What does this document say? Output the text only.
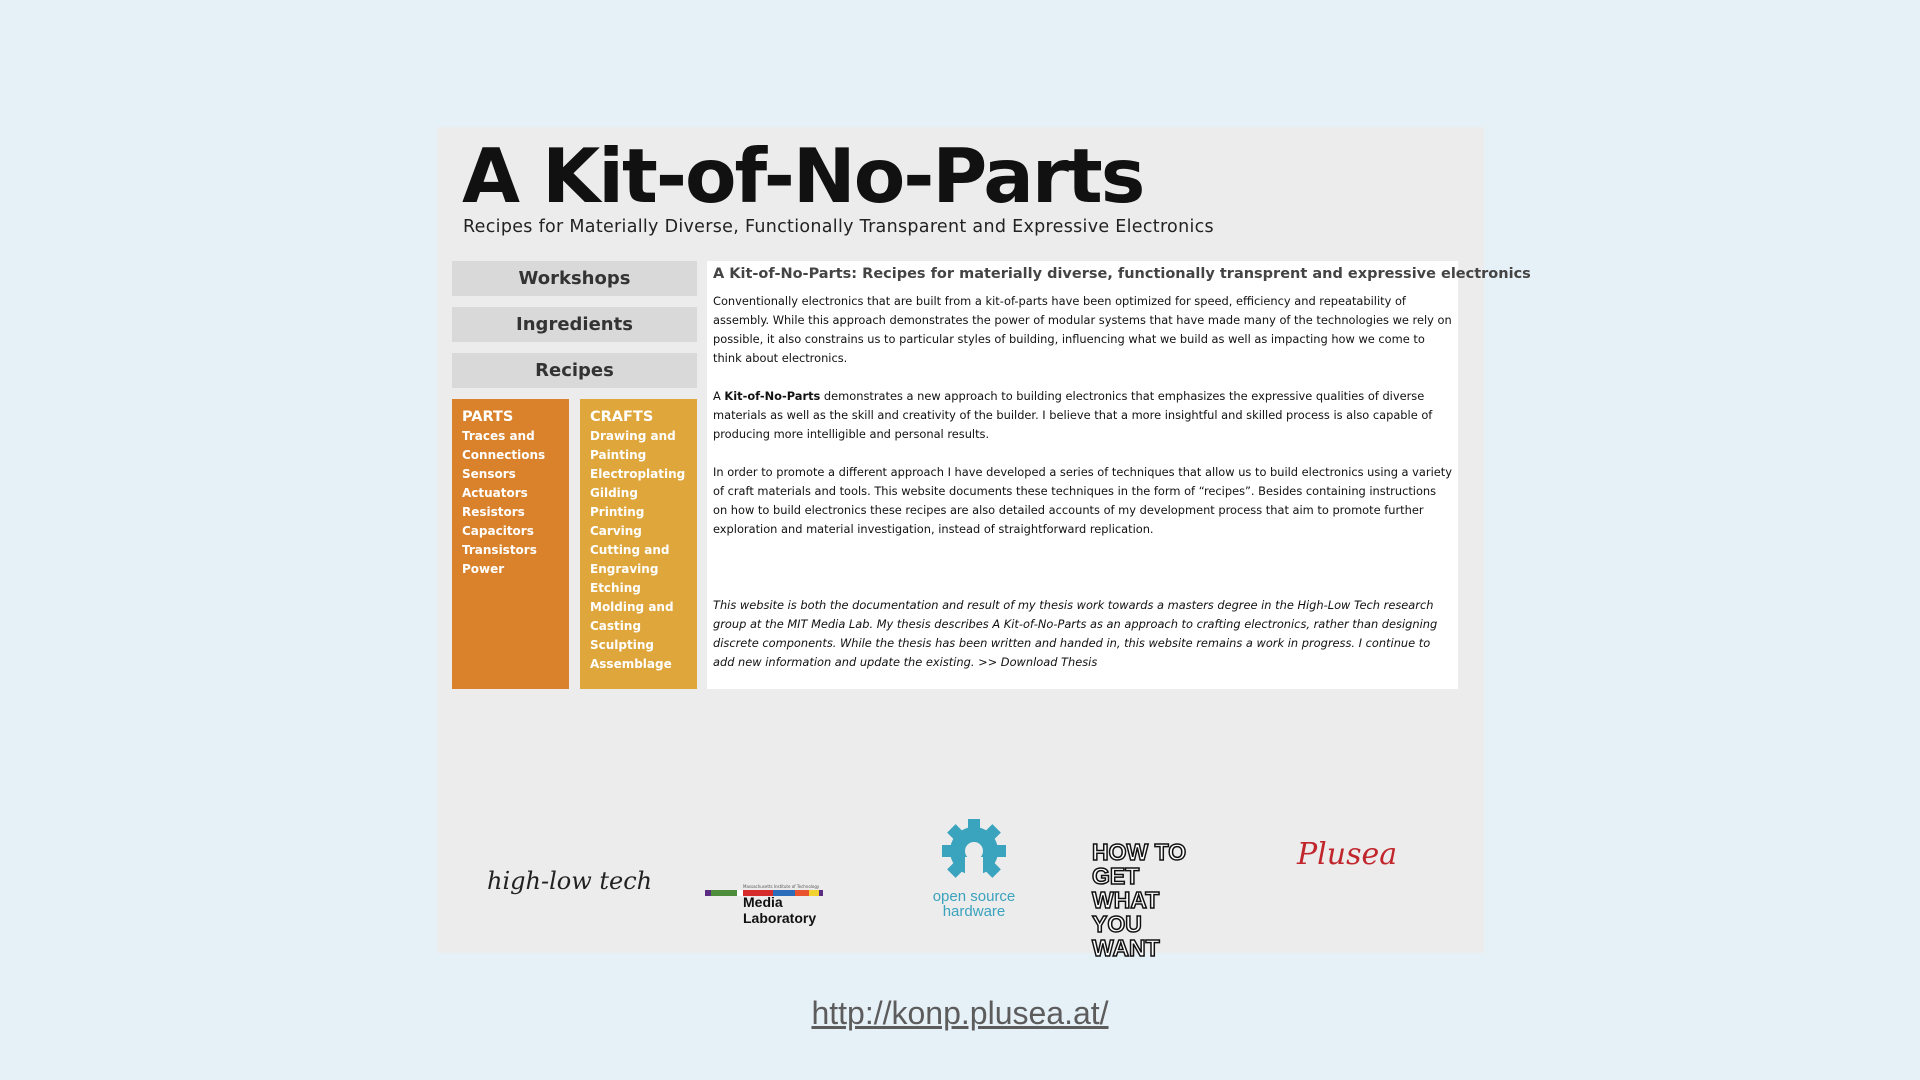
A Kit-of-No-Parts
Recipes for Materially Diverse, Functionally Transparent and Expressive Electronics
Workshops
Ingredients
Recipes
PARTS
Traces and Connections
Sensors
Actuators
Resistors
Capacitors
Transistors
Power
CRAFTS
Drawing and Painting
Electroplating
Gilding
Printing
Carving
Cutting and Engraving
Etching
Molding and Casting
Sculpting
Assemblage
A Kit-of-No-Parts: Recipes for materially diverse, functionally transprent and expressive electronics

Conventionally electronics that are built from a kit-of-parts have been optimized for speed, efficiency and repeatability of assembly. While this approach demonstrates the power of modular systems that have made many of the technologies we rely on possible, it also constrains us to particular styles of building, influencing what we build as well as impacting how we come to think about electronics.

A Kit-of-No-Parts demonstrates a new approach to building electronics that emphasizes the expressive qualities of diverse materials as well as the skill and creativity of the builder. I believe that a more insightful and skilled process is also capable of producing more intelligible and personal results.

In order to promote a different approach I have developed a series of techniques that allow us to build electronics using a variety of craft materials and tools. This website documents these techniques in the form of “recipes”. Besides containing instructions on how to build electronics these recipes are also detailed accounts of my development process that aim to promote further exploration and material investigation, instead of straightforward replication.

This website is both the documentation and result of my thesis work towards a masters degree in the High-Low Tech research group at the MIT Media Lab. My thesis describes A Kit-of-No-Parts as an approach to crafting electronics, rather than designing discrete components. While the thesis has been written and handed in, this website remains a work in progress. I continue to add new information and update the existing. >> Download Thesis

high-low tech	Massachusetts Institute of Technology
Media Laboratory
open source
hardware
HOW TO
GET WHAT
YOU WANT
Plusea
http://konp.plusea.at/
